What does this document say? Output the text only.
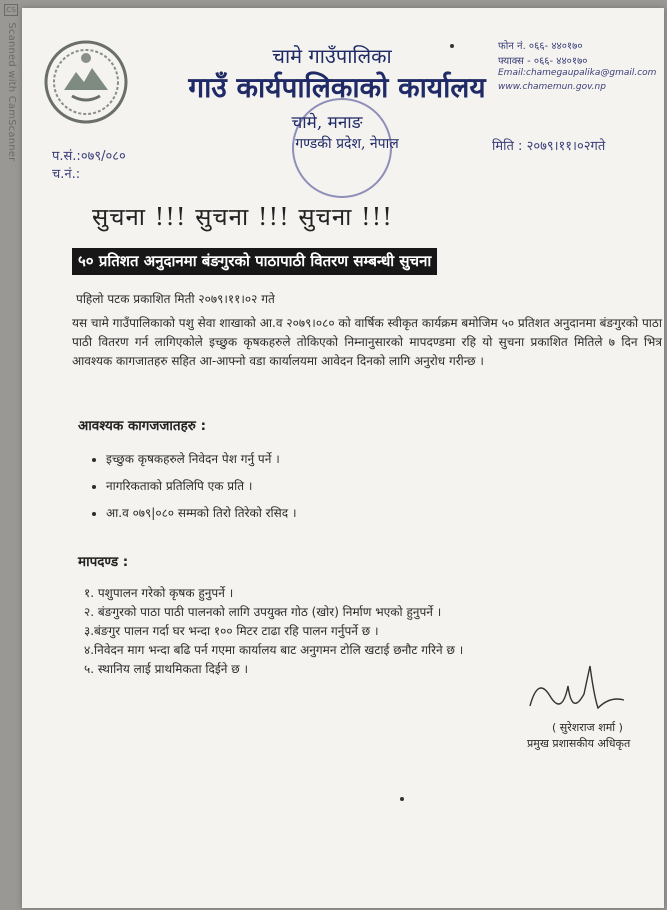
CS Scanned with CamScanner	चामे गाउँपालिका
गाउँ कार्यपालिकाको कार्यालय
चामे, मनाङ
गण्डकी प्रदेश, नेपाल
फोन नं. ०६६- ४४०१७०
फ्याक्स - ०६६- ४४०१७०
Email:chamegaupalika@gmail.com
www.chamemun.gov.np
प.सं.:०७९/०८०
च.नं.:
मिति : २०७९।११।०२गते
सुचना !!! सुचना !!! सुचना !!!
५० प्रतिशत अनुदानमा बंङगुरको पाठापाठी वितरण सम्बन्धी सुचना
पहिलो पटक प्रकाशित मिती २०७९।११।०२ गते
यस चामे गाउँपालिकाको पशु सेवा शाखाको आ.व २०७९।०८० को वार्षिक स्वीकृत कार्यक्रम बमोजिम ५० प्रतिशत अनुदानमा बंङगुरको पाठा पाठी वितरण गर्न लागिएकोले इच्छुक कृषकहरुले तोकिएको निम्नानुसारको मापदण्डमा रहि यो सुचना प्रकाशित मितिले ७ दिन भित्र आवश्यक कागजातहरु सहित आ-आफ्नो वडा कार्यालयमा आवेदन दिनको लागि अनुरोध गरीन्छ ।
आवश्यक कागजजातहरु :
• इच्छुक कृषकहरुले निवेदन पेश गर्नु पर्ने ।
• नागरिकताको प्रतिलिपि एक प्रति ।
• आ.व ०७९|०८० सम्मको तिरो तिरेको रसिद ।
मापदण्ड :
१. पशुपालन गरेको कृषक हुनुपर्ने ।
२. बंङगुरको पाठा पाठी पालनको लागि उपयुक्त गोठ (खोर) निर्माण भएको हुनुपर्ने ।
३.बंङगुर पालन गर्दा घर भन्दा १०० मिटर टाढा रहि पालन गर्नुपर्ने छ ।
४.निवेदन माग भन्दा बढि पर्न गएमा कार्यालय बाट अनुगमन टोलि खटाई छनौट गरिने छ ।
५. स्थानिय लाई प्राथमिकता दिईने छ ।
( सुरेशराज शर्मा )
प्रमुख प्रशासकीय अधिकृत
